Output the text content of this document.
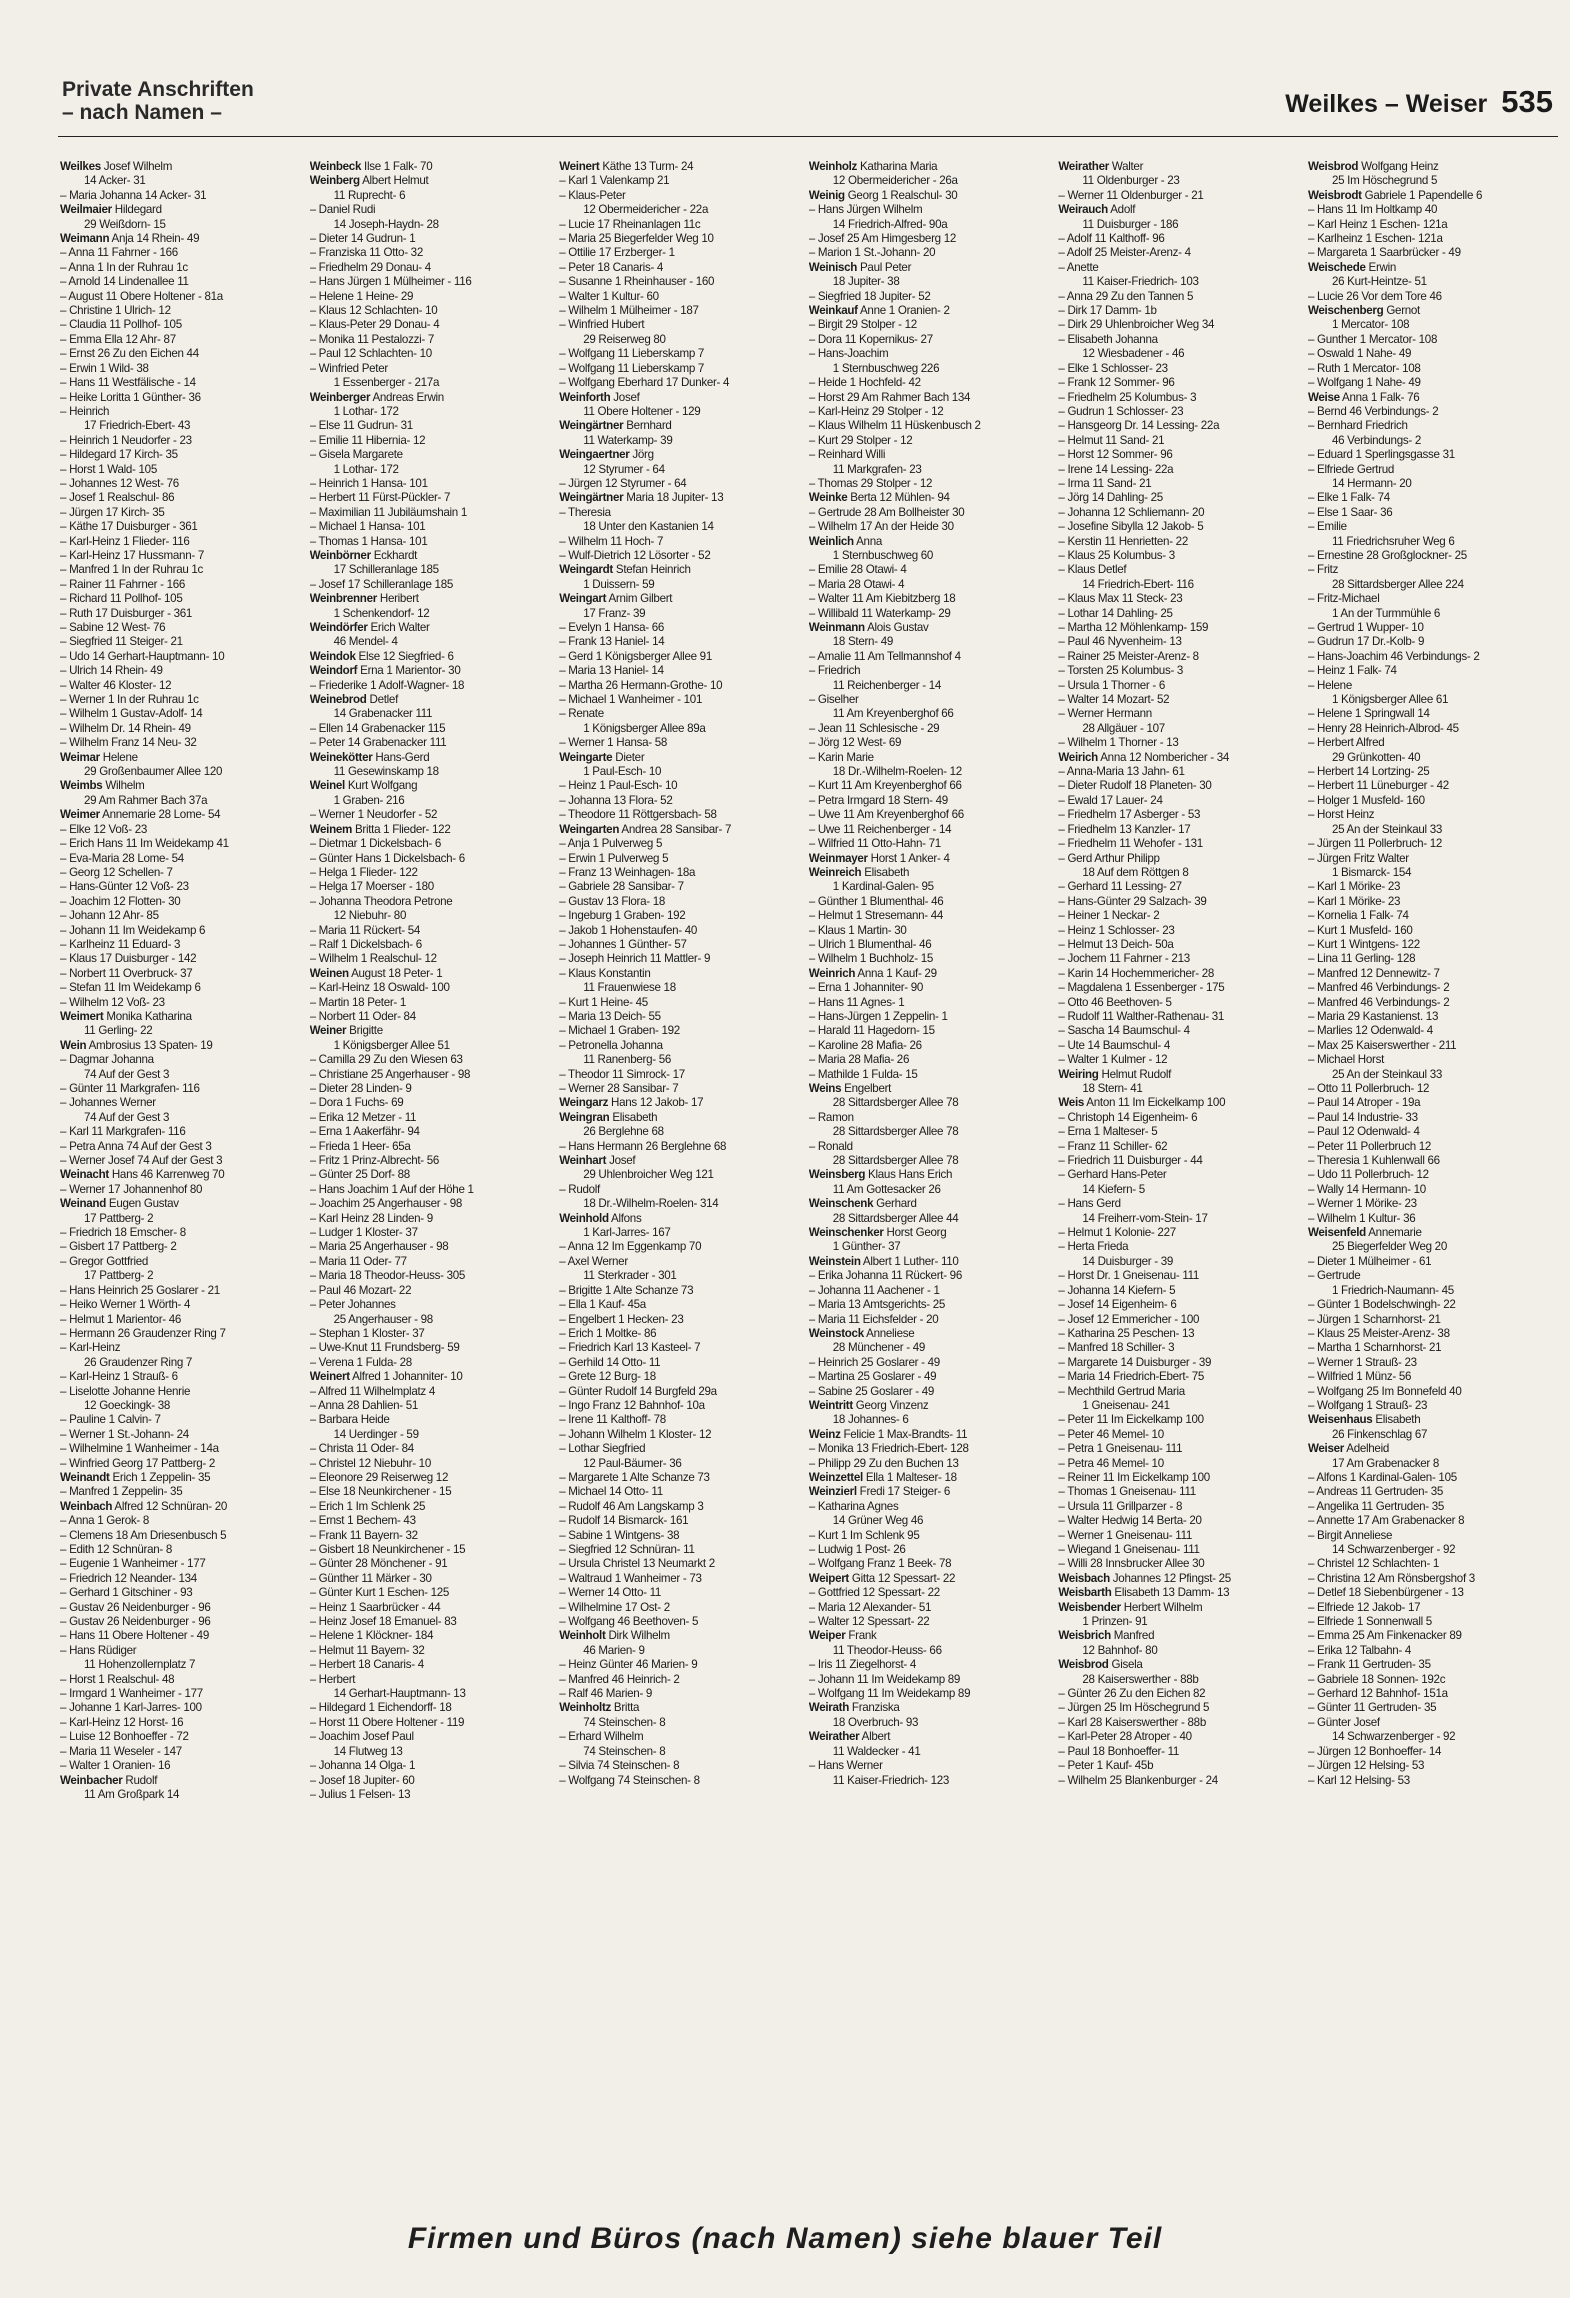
Private Anschriften
– nach Namen –	Weilkes – Weiser 535
Weilkes Josef Wilhelm
14 Acker- 31
– Maria Johanna 14 Acker- 31
Weilmaier Hildegard
29 Weißdorn- 15
Weimann Anja 14 Rhein- 49
– Anna 11 Fahrner - 166
– Anna 1 In der Ruhrau 1c
– Arnold 14 Lindenallee 11
– August 11 Obere Holtener - 81a
– Christine 1 Ulrich- 12
– Claudia 11 Pollhof- 105
– Emma Ella 12 Ahr- 87
– Ernst 26 Zu den Eichen 44
– Erwin 1 Wild- 38
– Hans 11 Westfälische - 14
– Heike Loritta 1 Günther- 36
– Heinrich
17 Friedrich-Ebert- 43
– Heinrich 1 Neudorfer - 23
– Hildegard 17 Kirch- 35
– Horst 1 Wald- 105
– Johannes 12 West- 76
– Josef 1 Realschul- 86
– Jürgen 17 Kirch- 35
– Käthe 17 Duisburger - 361
– Karl-Heinz 1 Flieder- 116
– Karl-Heinz 17 Hussmann- 7
– Manfred 1 In der Ruhrau 1c
– Rainer 11 Fahrner - 166
– Richard 11 Pollhof- 105
– Ruth 17 Duisburger - 361
– Sabine 12 West- 76
– Siegfried 11 Steiger- 21
– Udo 14 Gerhart-Hauptmann- 10
– Ulrich 14 Rhein- 49
– Walter 46 Kloster- 12
– Werner 1 In der Ruhrau 1c
– Wilhelm 1 Gustav-Adolf- 14
– Wilhelm Dr. 14 Rhein- 49
– Wilhelm Franz 14 Neu- 32
Weimar Helene
29 Großenbaumer Allee 120
Weimbs Wilhelm
29 Am Rahmer Bach 37a
Weimer Annemarie 28 Lome- 54
– Elke 12 Voß- 23
– Erich Hans 11 Im Weidekamp 41
– Eva-Maria 28 Lome- 54
– Georg 12 Schellen- 7
– Hans-Günter 12 Voß- 23
– Joachim 12 Flotten- 30
– Johann 12 Ahr- 85
– Johann 11 Im Weidekamp 6
– Karlheinz 11 Eduard- 3
– Klaus 17 Duisburger - 142
– Norbert 11 Overbruck- 37
– Stefan 11 Im Weidekamp 6
– Wilhelm 12 Voß- 23
Weimert Monika Katharina
11 Gerling- 22
Wein Ambrosius 13 Spaten- 19
– Dagmar Johanna
74 Auf der Gest 3
– Günter 11 Markgrafen- 116
– Johannes Werner
74 Auf der Gest 3
– Karl 11 Markgrafen- 116
– Petra Anna 74 Auf der Gest 3
– Werner Josef 74 Auf der Gest 3
Weinacht Hans 46 Karrenweg 70
– Werner 17 Johannenhof 80
Weinand Eugen Gustav
17 Pattberg- 2
– Friedrich 18 Emscher- 8
– Gisbert 17 Pattberg- 2
– Gregor Gottfried
17 Pattberg- 2
– Hans Heinrich 25 Goslarer - 21
– Heiko Werner 1 Wörth- 4
– Helmut 1 Marientor- 46
– Hermann 26 Graudenzer Ring 7
– Karl-Heinz
26 Graudenzer Ring 7
– Karl-Heinz 1 Strauß- 6
– Liselotte Johanne Henrie
12 Goeckingk- 38
– Pauline 1 Calvin- 7
– Werner 1 St.-Johann- 24
– Wilhelmine 1 Wanheimer - 14a
– Winfried Georg 17 Pattberg- 2
Weinandt Erich 1 Zeppelin- 35
– Manfred 1 Zeppelin- 35
Weinbach Alfred 12 Schnüran- 20
– Anna 1 Gerok- 8
– Clemens 18 Am Driesenbusch 5
– Edith 12 Schnüran- 8
– Eugenie 1 Wanheimer - 177
– Friedrich 12 Neander- 134
– Gerhard 1 Gitschiner - 93
– Gustav 26 Neidenburger - 96
– Gustav 26 Neidenburger - 96
– Hans 11 Obere Holtener - 49
– Hans Rüdiger
11 Hohenzollernplatz 7
– Horst 1 Realschul- 48
– Irmgard 1 Wanheimer - 177
– Johanne 1 Karl-Jarres- 100
– Karl-Heinz 12 Horst- 16
– Luise 12 Bonhoeffer - 72
– Maria 11 Weseler - 147
– Walter 1 Oranien- 16
Weinbacher Rudolf
11 Am Großpark 14
Weinbeck Ilse 1 Falk- 70
Weinberg Albert Helmut
11 Ruprecht- 6
– Daniel Rudi
14 Joseph-Haydn- 28
– Dieter 14 Gudrun- 1
– Franziska 11 Otto- 32
– Friedhelm 29 Donau- 4
– Hans Jürgen 1 Mülheimer - 116
– Helene 1 Heine- 29
– Klaus 12 Schlachten- 10
– Klaus-Peter 29 Donau- 4
– Monika 11 Pestalozzi- 7
– Paul 12 Schlachten- 10
– Winfried Peter
1 Essenberger - 217a
Weinberger Andreas Erwin
1 Lothar- 172
– Else 11 Gudrun- 31
– Emilie 11 Hibernia- 12
– Gisela Margarete
1 Lothar- 172
– Heinrich 1 Hansa- 101
– Herbert 11 Fürst-Pückler- 7
– Maximilian 11 Jubiläumshain 1
– Michael 1 Hansa- 101
– Thomas 1 Hansa- 101
Weinbörner Eckhardt
17 Schilleranlage 185
– Josef 17 Schilleranlage 185
Weinbrenner Heribert
1 Schenkendorf- 12
Weindörfer Erich Walter
46 Mendel- 4
Weindok Else 12 Siegfried- 6
Weindorf Erna 1 Marientor- 30
– Friederike 1 Adolf-Wagner- 18
Weinebrod Detlef
14 Grabenacker 111
– Ellen 14 Grabenacker 115
– Peter 14 Grabenacker 111
Weinekötter Hans-Gerd
11 Gesewinskamp 18
Weinel Kurt Wolfgang
1 Graben- 216
– Werner 1 Neudorfer - 52
Weinem Britta 1 Flieder- 122
– Dietmar 1 Dickelsbach- 6
– Günter Hans 1 Dickelsbach- 6
– Helga 1 Flieder- 122
– Helga 17 Moerser - 180
– Johanna Theodora Petrone
12 Niebuhr- 80
– Maria 11 Rückert- 54
– Ralf 1 Dickelsbach- 6
– Wilhelm 1 Realschul- 12
Weinen August 18 Peter- 1
– Karl-Heinz 18 Oswald- 100
– Martin 18 Peter- 1
– Norbert 11 Oder- 84
Weiner Brigitte
1 Königsberger Allee 51
– Camilla 29 Zu den Wiesen 63
– Christiane 25 Angerhauser - 98
– Dieter 28 Linden- 9
– Dora 1 Fuchs- 69
– Erika 12 Metzer - 11
– Erna 1 Aakerfähr- 94
– Frieda 1 Heer- 65a
– Fritz 1 Prinz-Albrecht- 56
– Günter 25 Dorf- 88
– Hans Joachim 1 Auf der Höhe 1
– Joachim 25 Angerhauser - 98
– Karl Heinz 28 Linden- 9
– Ludger 1 Kloster- 37
– Maria 25 Angerhauser - 98
– Maria 11 Oder- 77
– Maria 18 Theodor-Heuss- 305
– Paul 46 Mozart- 22
– Peter Johannes
25 Angerhauser - 98
– Stephan 1 Kloster- 37
– Uwe-Knut 11 Frundsberg- 59
– Verena 1 Fulda- 28
Weinert Alfred 1 Johanniter- 10
– Alfred 11 Wilhelmplatz 4
– Anna 28 Dahlien- 51
– Barbara Heide
14 Uerdinger - 59
– Christa 11 Oder- 84
– Christel 12 Niebuhr- 10
– Eleonore 29 Reiserweg 12
– Else 18 Neunkirchener - 15
– Erich 1 Im Schlenk 25
– Ernst 1 Bechem- 43
– Frank 11 Bayern- 32
– Gisbert 18 Neunkirchener - 15
– Günter 28 Mönchener - 91
– Günther 11 Märker - 30
– Günter Kurt 1 Eschen- 125
– Heinz 1 Saarbrücker - 44
– Heinz Josef 18 Emanuel- 83
– Helene 1 Klöckner- 184
– Helmut 11 Bayern- 32
– Herbert 18 Canaris- 4
– Herbert
14 Gerhart-Hauptmann- 13
– Hildegard 1 Eichendorff- 18
– Horst 11 Obere Holtener - 119
– Joachim Josef Paul
14 Flutweg 13
– Johanna 14 Olga- 1
– Josef 18 Jupiter- 60
– Julius 1 Felsen- 13
Weinert Käthe 13 Turm- 24
– Karl 1 Valenkamp 21
– Klaus-Peter
12 Obermeidericher - 22a
– Lucie 17 Rheinanlagen 11c
– Maria 25 Biegerfelder Weg 10
– Ottilie 17 Erzberger- 1
– Peter 18 Canaris- 4
– Susanne 1 Rheinhauser - 160
– Walter 1 Kultur- 60
– Wilhelm 1 Mülheimer - 187
– Winfried Hubert
29 Reiserweg 80
– Wolfgang 11 Lieberskamp 7
– Wolfgang 11 Lieberskamp 7
– Wolfgang Eberhard 17 Dunker- 4
Weinforth Josef
11 Obere Holtener - 129
Weingärtner Bernhard
11 Waterkamp- 39
Weingaertner Jörg
12 Styrumer - 64
– Jürgen 12 Styrumer - 64
Weingärtner Maria 18 Jupiter- 13
– Theresia
18 Unter den Kastanien 14
– Wilhelm 11 Hoch- 7
– Wulf-Dietrich 12 Lösorter - 52
Weingardt Stefan Heinrich
1 Duissern- 59
Weingart Arnim Gilbert
17 Franz- 39
– Evelyn 1 Hansa- 66
– Frank 13 Haniel- 14
– Gerd 1 Königsberger Allee 91
– Maria 13 Haniel- 14
– Martha 26 Hermann-Grothe- 10
– Michael 1 Wanheimer - 101
– Renate
1 Königsberger Allee 89a
– Werner 1 Hansa- 58
Weingarte Dieter
1 Paul-Esch- 10
– Heinz 1 Paul-Esch- 10
– Johanna 13 Flora- 52
– Theodore 11 Röttgersbach- 58
Weingarten Andrea 28 Sansibar- 7
– Anja 1 Pulverweg 5
– Erwin 1 Pulverweg 5
– Franz 13 Weinhagen- 18a
– Gabriele 28 Sansibar- 7
– Gustav 13 Flora- 18
– Ingeburg 1 Graben- 192
– Jakob 1 Hohenstaufen- 40
– Johannes 1 Günther- 57
– Joseph Heinrich 11 Mattler- 9
– Klaus Konstantin
11 Frauenwiese 18
– Kurt 1 Heine- 45
– Maria 13 Deich- 55
– Michael 1 Graben- 192
– Petronella Johanna
11 Ranenberg- 56
– Theodor 11 Simrock- 17
– Werner 28 Sansibar- 7
Weingarz Hans 12 Jakob- 17
Weingran Elisabeth
26 Berglehne 68
– Hans Hermann 26 Berglehne 68
Weinhart Josef
29 Uhlenbroicher Weg 121
– Rudolf
18 Dr.-Wilhelm-Roelen- 314
Weinhold Alfons
1 Karl-Jarres- 167
– Anna 12 Im Eggenkamp 70
– Axel Werner
11 Sterkrader - 301
– Brigitte 1 Alte Schanze 73
– Ella 1 Kauf- 45a
– Engelbert 1 Hecken- 23
– Erich 1 Moltke- 86
– Friedrich Karl 13 Kasteel- 7
– Gerhild 14 Otto- 11
– Grete 12 Burg- 18
– Günter Rudolf 14 Burgfeld 29a
– Ingo Franz 12 Bahnhof- 10a
– Irene 11 Kalthoff- 78
– Johann Wilhelm 1 Kloster- 12
– Lothar Siegfried
12 Paul-Bäumer- 36
– Margarete 1 Alte Schanze 73
– Michael 14 Otto- 11
– Rudolf 46 Am Langskamp 3
– Rudolf 14 Bismarck- 161
– Sabine 1 Wintgens- 38
– Siegfried 12 Schnüran- 11
– Ursula Christel 13 Neumarkt 2
– Waltraud 1 Wanheimer - 73
– Werner 14 Otto- 11
– Wilhelmine 17 Ost- 2
– Wolfgang 46 Beethoven- 5
Weinholt Dirk Wilhelm
46 Marien- 9
– Heinz Günter 46 Marien- 9
– Manfred 46 Heinrich- 2
– Ralf 46 Marien- 9
Weinholtz Britta
74 Steinschen- 8
– Erhard Wilhelm
74 Steinschen- 8
– Silvia 74 Steinschen- 8
– Wolfgang 74 Steinschen- 8
Weinholz Katharina Maria
12 Obermeidericher - 26a
Weinig Georg 1 Realschul- 30
– Hans Jürgen Wilhelm
14 Friedrich-Alfred- 90a
– Josef 25 Am Himgesberg 12
– Marion 1 St.-Johann- 20
Weinisch Paul Peter
18 Jupiter- 38
– Siegfried 18 Jupiter- 52
Weinkauf Anne 1 Oranien- 2
– Birgit 29 Stolper - 12
– Dora 11 Kopernikus- 27
– Hans-Joachim
1 Sternbuschweg 226
– Heide 1 Hochfeld- 42
– Horst 29 Am Rahmer Bach 134
– Karl-Heinz 29 Stolper - 12
– Klaus Wilhelm 11 Hüskenbusch 2
– Kurt 29 Stolper - 12
– Reinhard Willi
11 Markgrafen- 23
– Thomas 29 Stolper - 12
Weinke Berta 12 Mühlen- 94
– Gertrude 28 Am Bollheister 30
– Wilhelm 17 An der Heide 30
Weinlich Anna
1 Sternbuschweg 60
– Emilie 28 Otawi- 4
– Maria 28 Otawi- 4
– Walter 11 Am Kiebitzberg 18
– Willibald 11 Waterkamp- 29
Weinmann Alois Gustav
18 Stern- 49
– Amalie 11 Am Tellmannshof 4
– Friedrich
11 Reichenberger - 14
– Giselher
11 Am Kreyenberghof 66
– Jean 11 Schlesische - 29
– Jörg 12 West- 69
– Karin Marie
18 Dr.-Wilhelm-Roelen- 12
– Kurt 11 Am Kreyenberghof 66
– Petra Irmgard 18 Stern- 49
– Uwe 11 Am Kreyenberghof 66
– Uwe 11 Reichenberger - 14
– Wilfried 11 Otto-Hahn- 71
Weinmayer Horst 1 Anker- 4
Weinreich Elisabeth
1 Kardinal-Galen- 95
– Günther 1 Blumenthal- 46
– Helmut 1 Stresemann- 44
– Klaus 1 Martin- 30
– Ulrich 1 Blumenthal- 46
– Wilhelm 1 Buchholz- 15
Weinrich Anna 1 Kauf- 29
– Erna 1 Johanniter- 90
– Hans 11 Agnes- 1
– Hans-Jürgen 1 Zeppelin- 1
– Harald 11 Hagedorn- 15
– Karoline 28 Mafia- 26
– Maria 28 Mafia- 26
– Mathilde 1 Fulda- 15
Weins Engelbert
28 Sittardsberger Allee 78
– Ramon
28 Sittardsberger Allee 78
– Ronald
28 Sittardsberger Allee 78
Weinsberg Klaus Hans Erich
11 Am Gottesacker 26
Weinschenk Gerhard
28 Sittardsberger Allee 44
Weinschenker Horst Georg
1 Günther- 37
Weinstein Albert 1 Luther- 110
– Erika Johanna 11 Rückert- 96
– Johanna 11 Aachener - 1
– Maria 13 Amtsgerichts- 25
– Maria 11 Eichsfelder - 20
Weinstock Anneliese
28 Münchener - 49
– Heinrich 25 Goslarer - 49
– Martina 25 Goslarer - 49
– Sabine 25 Goslarer - 49
Weintritt Georg Vinzenz
18 Johannes- 6
Weinz Felicie 1 Max-Brandts- 11
– Monika 13 Friedrich-Ebert- 128
– Philipp 29 Zu den Buchen 13
Weinzettel Ella 1 Malteser- 18
Weinzierl Fredi 17 Steiger- 6
– Katharina Agnes
14 Grüner Weg 46
– Kurt 1 Im Schlenk 95
– Ludwig 1 Post- 26
– Wolfgang Franz 1 Beek- 78
Weipert Gitta 12 Spessart- 22
– Gottfried 12 Spessart- 22
– Maria 12 Alexander- 51
– Walter 12 Spessart- 22
Weiper Frank
11 Theodor-Heuss- 66
– Iris 11 Ziegelhorst- 4
– Johann 11 Im Weidekamp 89
– Wolfgang 11 Im Weidekamp 89
Weirath Franziska
18 Overbruch- 93
Weirather Albert
11 Waldecker - 41
– Hans Werner
11 Kaiser-Friedrich- 123
Weirather Walter
11 Oldenburger - 23
– Werner 11 Oldenburger - 21
Weirauch Adolf
11 Duisburger - 186
– Adolf 11 Kalthoff- 96
– Adolf 25 Meister-Arenz- 4
– Anette
11 Kaiser-Friedrich- 103
– Anna 29 Zu den Tannen 5
– Dirk 17 Damm- 1b
– Dirk 29 Uhlenbroicher Weg 34
– Elisabeth Johanna
12 Wiesbadener - 46
– Elke 1 Schlosser- 23
– Frank 12 Sommer- 96
– Friedhelm 25 Kolumbus- 3
– Gudrun 1 Schlosser- 23
– Hansgeorg Dr. 14 Lessing- 22a
– Helmut 11 Sand- 21
– Horst 12 Sommer- 96
– Irene 14 Lessing- 22a
– Irma 11 Sand- 21
– Jörg 14 Dahling- 25
– Johanna 12 Schliemann- 20
– Josefine Sibylla 12 Jakob- 5
– Kerstin 11 Henrietten- 22
– Klaus 25 Kolumbus- 3
– Klaus Detlef
14 Friedrich-Ebert- 116
– Klaus Max 11 Steck- 23
– Lothar 14 Dahling- 25
– Martha 12 Möhlenkamp- 159
– Paul 46 Nyvenheim- 13
– Rainer 25 Meister-Arenz- 8
– Torsten 25 Kolumbus- 3
– Ursula 1 Thorner - 6
– Walter 14 Mozart- 52
– Werner Hermann
28 Allgäuer - 107
– Wilhelm 1 Thorner - 13
Weirich Anna 12 Nombericher - 34
– Anna-Maria 13 Jahn- 61
– Dieter Rudolf 18 Planeten- 30
– Ewald 17 Lauer- 24
– Friedhelm 17 Asberger - 53
– Friedhelm 13 Kanzler- 17
– Friedhelm 11 Wehofer - 131
– Gerd Arthur Philipp
18 Auf dem Röttgen 8
– Gerhard 11 Lessing- 27
– Hans-Günter 29 Salzach- 39
– Heiner 1 Neckar- 2
– Heinz 1 Schlosser- 23
– Helmut 13 Deich- 50a
– Jochem 11 Fahrner - 213
– Karin 14 Hochemmericher- 28
– Magdalena 1 Essenberger - 175
– Otto 46 Beethoven- 5
– Rudolf 11 Walther-Rathenau- 31
– Sascha 14 Baumschul- 4
– Ute 14 Baumschul- 4
– Walter 1 Kulmer - 12
Weiring Helmut Rudolf
18 Stern- 41
Weis Anton 11 Im Eickelkamp 100
– Christoph 14 Eigenheim- 6
– Erna 1 Malteser- 5
– Franz 11 Schiller- 62
– Friedrich 11 Duisburger - 44
– Gerhard Hans-Peter
14 Kiefern- 5
– Hans Gerd
14 Freiherr-vom-Stein- 17
– Helmut 1 Kolonie- 227
– Herta Frieda
14 Duisburger - 39
– Horst Dr. 1 Gneisenau- 111
– Johanna 14 Kiefern- 5
– Josef 14 Eigenheim- 6
– Josef 12 Emmericher - 100
– Katharina 25 Peschen- 13
– Manfred 18 Schiller- 3
– Margarete 14 Duisburger - 39
– Maria 14 Friedrich-Ebert- 75
– Mechthild Gertrud Maria
1 Gneisenau- 241
– Peter 11 Im Eickelkamp 100
– Peter 46 Memel- 10
– Petra 1 Gneisenau- 111
– Petra 46 Memel- 10
– Reiner 11 Im Eickelkamp 100
– Thomas 1 Gneisenau- 111
– Ursula 11 Grillparzer - 8
– Walter Hedwig 14 Berta- 20
– Werner 1 Gneisenau- 111
– Wiegand 1 Gneisenau- 111
– Willi 28 Innsbrucker Allee 30
Weisbach Johannes 12 Pfingst- 25
Weisbarth Elisabeth 13 Damm- 13
Weisbender Herbert Wilhelm
1 Prinzen- 91
Weisbrich Manfred
12 Bahnhof- 80
Weisbrod Gisela
28 Kaiserswerther - 88b
– Günter 26 Zu den Eichen 82
– Jürgen 25 Im Höschegrund 5
– Karl 28 Kaiserswerther - 88b
– Karl-Peter 28 Atroper - 40
– Paul 18 Bonhoeffer- 11
– Peter 1 Kauf- 45b
– Wilhelm 25 Blankenburger - 24
Weisbrod Wolfgang Heinz
25 Im Höschegrund 5
Weisbrodt Gabriele 1 Papendelle 6
– Hans 11 Im Holtkamp 40
– Karl Heinz 1 Eschen- 121a
– Karlheinz 1 Eschen- 121a
– Margareta 1 Saarbrücker - 49
Weischede Erwin
26 Kurt-Heintze- 51
– Lucie 26 Vor dem Tore 46
Weischenberg Gernot
1 Mercator- 108
– Gunther 1 Mercator- 108
– Oswald 1 Nahe- 49
– Ruth 1 Mercator- 108
– Wolfgang 1 Nahe- 49
Weise Anna 1 Falk- 76
– Bernd 46 Verbindungs- 2
– Bernhard Friedrich
46 Verbindungs- 2
– Eduard 1 Sperlingsgasse 31
– Elfriede Gertrud
14 Hermann- 20
– Elke 1 Falk- 74
– Else 1 Saar- 36
– Emilie
11 Friedrichsruher Weg 6
– Ernestine 28 Großglockner- 25
– Fritz
28 Sittardsberger Allee 224
– Fritz-Michael
1 An der Turmmühle 6
– Gertrud 1 Wupper- 10
– Gudrun 17 Dr.-Kolb- 9
– Hans-Joachim 46 Verbindungs- 2
– Heinz 1 Falk- 74
– Helene
1 Königsberger Allee 61
– Helene 1 Springwall 14
– Henry 28 Heinrich-Albrod- 45
– Herbert Alfred
29 Grünkotten- 40
– Herbert 14 Lortzing- 25
– Herbert 11 Lüneburger - 42
– Holger 1 Musfeld- 160
– Horst Heinz
25 An der Steinkaul 33
– Jürgen 11 Pollerbruch- 12
– Jürgen Fritz Walter
1 Bismarck- 154
– Karl 1 Mörike- 23
– Karl 1 Mörike- 23
– Kornelia 1 Falk- 74
– Kurt 1 Musfeld- 160
– Kurt 1 Wintgens- 122
– Lina 11 Gerling- 128
– Manfred 12 Dennewitz- 7
– Manfred 46 Verbindungs- 2
– Manfred 46 Verbindungs- 2
– Maria 29 Kastanienst. 13
– Marlies 12 Odenwald- 4
– Max 25 Kaiserswerther - 211
– Michael Horst
25 An der Steinkaul 33
– Otto 11 Pollerbruch- 12
– Paul 14 Atroper - 19a
– Paul 14 Industrie- 33
– Paul 12 Odenwald- 4
– Peter 11 Pollerbruch 12
– Theresia 1 Kuhlenwall 66
– Udo 11 Pollerbruch- 12
– Wally 14 Hermann- 10
– Werner 1 Mörike- 23
– Wilhelm 1 Kultur- 36
Weisenfeld Annemarie
25 Biegerfelder Weg 20
– Dieter 1 Mülheimer - 61
– Gertrude
1 Friedrich-Naumann- 45
– Günter 1 Bodelschwingh- 22
– Jürgen 1 Scharnhorst- 21
– Klaus 25 Meister-Arenz- 38
– Martha 1 Scharnhorst- 21
– Werner 1 Strauß- 23
– Wilfried 1 Münz- 56
– Wolfgang 25 Im Bonnefeld 40
– Wolfgang 1 Strauß- 23
Weisenhaus Elisabeth
26 Finkenschlag 67
Weiser Adelheid
17 Am Grabenacker 8
– Alfons 1 Kardinal-Galen- 105
– Andreas 11 Gertruden- 35
– Angelika 11 Gertruden- 35
– Annette 17 Am Grabenacker 8
– Birgit Anneliese
14 Schwarzenberger - 92
– Christel 12 Schlachten- 1
– Christina 12 Am Rönsbergshof 3
– Detlef 18 Siebenbürgener - 13
– Elfriede 12 Jakob- 17
– Elfriede 1 Sonnenwall 5
– Emma 25 Am Finkenacker 89
– Erika 12 Talbahn- 4
– Frank 11 Gertruden- 35
– Gabriele 18 Sonnen- 192c
– Gerhard 12 Bahnhof- 151a
– Günter 11 Gertruden- 35
– Günter Josef
14 Schwarzenberger - 92
– Jürgen 12 Bonhoeffer- 14
– Jürgen 12 Helsing- 53
– Karl 12 Helsing- 53
Firmen und Büros (nach Namen) siehe blauer Teil
